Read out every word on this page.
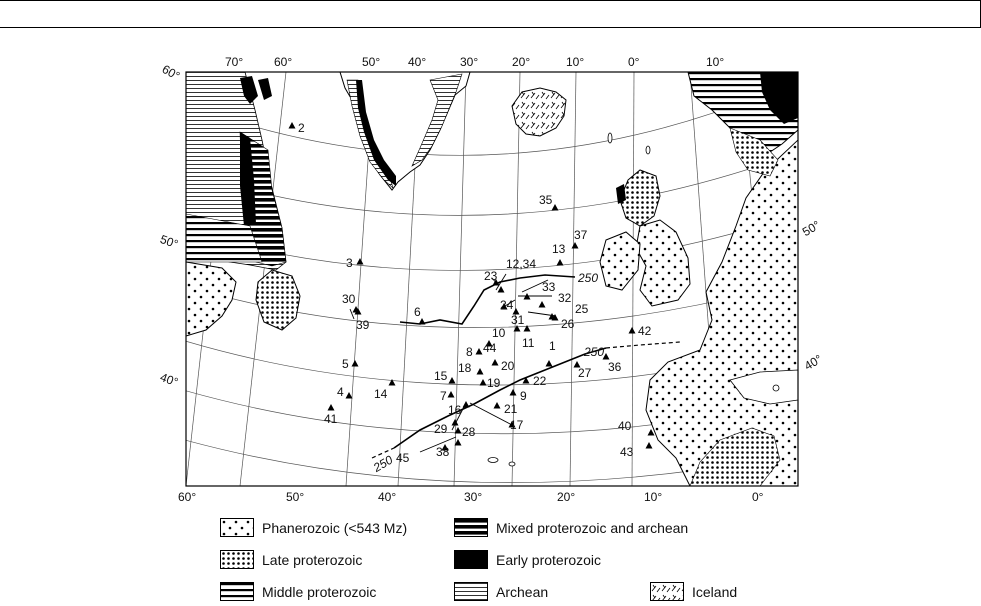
250
250
250
70°	60°	50° 40°	30°	20°	10°	0°	10°
60°	50°	40°	30°	20°	10°	0°
60°
50°
40°
50°
40°
2
3
4
5
6
7
8
9
10
11 1
12,34
13
14
15
16
17
18
19
20
21
22
23
24	25
26
27
28
29
30
31
32
33
35
36
37
38
39
40
41
42
43
44
45
Phanerozoic (<543 Mz)	Mixed proterozoic and archean
Late proterozoic	Early proterozoic
Middle proterozoic	Archean	Iceland
